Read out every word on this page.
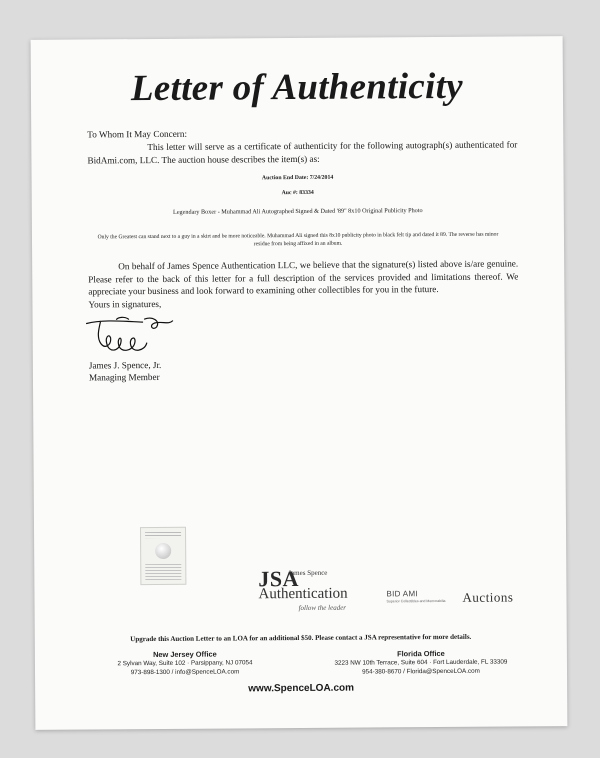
Letter of Authenticity
To Whom It May Concern:
This letter will serve as a certificate of authenticity for the following autograph(s) authenticated for BidAmi.com, LLC. The auction house describes the item(s) as:
Auction End Date: 7/24/2014
Auc #: 83334
Legendary Boxer - Muhammad Ali Autographed Signed & Dated '89" 8x10 Original Publicity Photo
Only the Greatest can stand next to a guy in a skirt and be more noticeable. Muhammad Ali signed this 8x10 publicity photo in black felt tip and dated it 89. The reverse has minor residue from being affixed in an album.
On behalf of James Spence Authentication LLC, we believe that the signature(s) listed above is/are genuine. Please refer to the back of this letter for a full description of the services provided and limitations thereof. We appreciate your business and look forward to examining other collectibles for you in the future.
Yours in signatures,
James J. Spence, Jr.
Managing Member
JSA
James Spence
Authentication
follow the leader
BID AMI
Superior Collectibles and Memorabilia Auctions
Upgrade this Auction Letter to an LOA for an additional $50. Please contact a JSA representative for more details.
New Jersey Office
2 Sylvan Way, Suite 102 · Parsippany, NJ 07054
973-898-1300 / info@SpenceLOA.com
Florida Office
3223 NW 10th Terrace, Suite 604 · Fort Lauderdale, FL 33309
954-380-8670 / Florida@SpenceLOA.com
www.SpenceLOA.com
